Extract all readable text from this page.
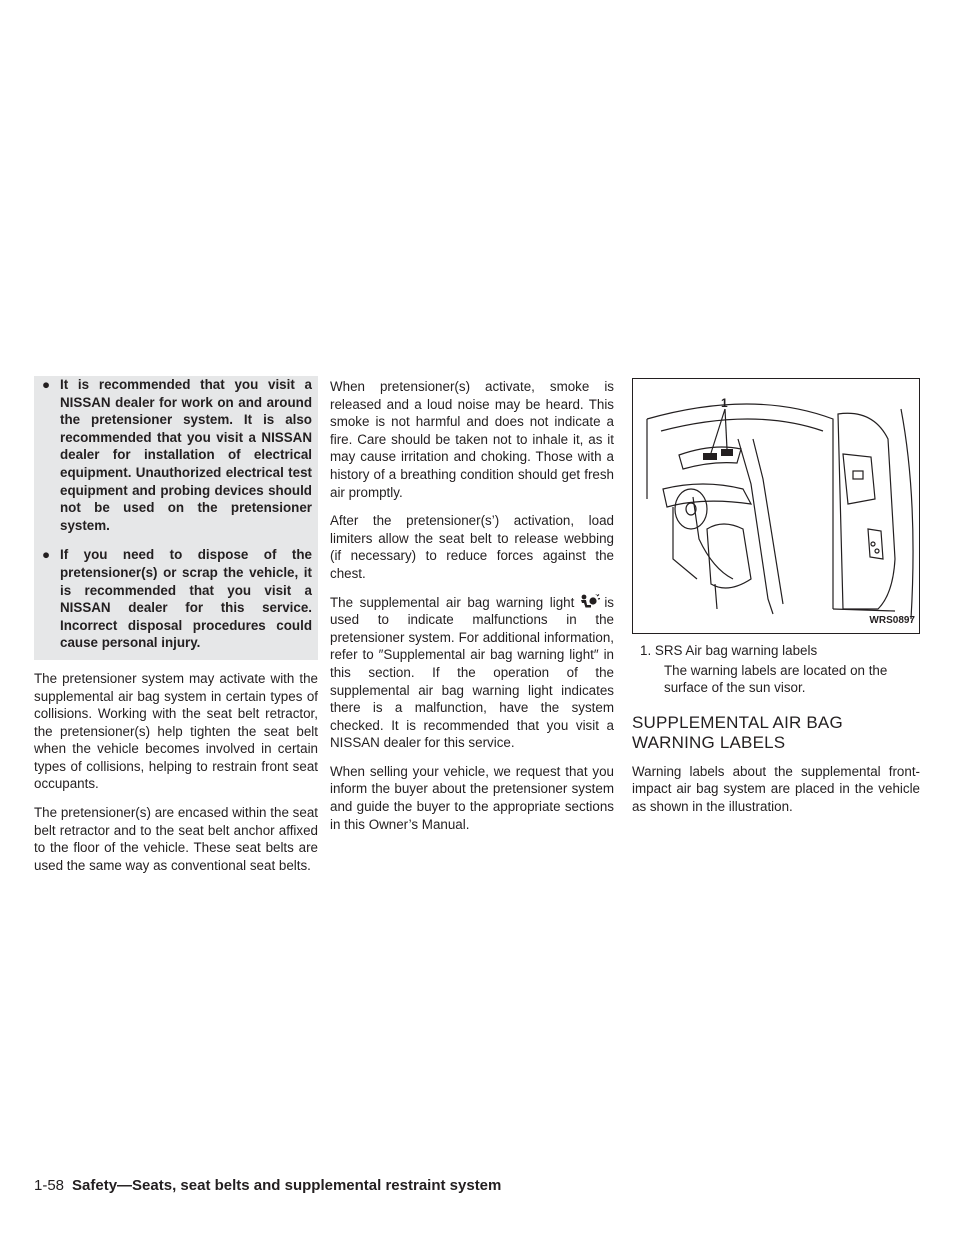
● It is recommended that you visit a NISSAN dealer for work on and around the pretensioner system. It is also recommended that you visit a NISSAN dealer for installation of electrical equipment. Unauthorized electrical test equipment and probing devices should not be used on the pretensioner system.
● If you need to dispose of the pretensioner(s) or scrap the vehicle, it is recommended that you visit a NISSAN dealer for this service. Incorrect disposal procedures could cause personal injury.

The pretensioner system may activate with the supplemental air bag system in certain types of collisions. Working with the seat belt retractor, the pretensioner(s) help tighten the seat belt when the vehicle becomes involved in certain types of collisions, helping to restrain front seat occupants.

The pretensioner(s) are encased within the seat belt retractor and to the seat belt anchor affixed to the floor of the vehicle. These seat belts are used the same way as conventional seat belts.

When pretensioner(s) activate, smoke is released and a loud noise may be heard. This smoke is not harmful and does not indicate a fire. Care should be taken not to inhale it, as it may cause irritation and choking. Those with a history of a breathing condition should get fresh air promptly.

After the pretensioner(s’) activation, load limiters allow the seat belt to release webbing (if necessary) to reduce forces against the chest.

The supplemental air bag warning light is used to indicate malfunctions in the pretensioner system. For additional information, refer to ″Supplemental air bag warning light″ in this section. If the operation of the supplemental air bag warning light indicates there is a malfunction, have the system checked. It is recommended that you visit a NISSAN dealer for this service.

When selling your vehicle, we request that you inform the buyer about the pretensioner system and guide the buyer to the appropriate sections in this Owner’s Manual.

1
WRS0897
1. SRS Air bag warning labels
The warning labels are located on the surface of the sun visor.
SUPPLEMENTAL AIR BAG
WARNING LABELS

Warning labels about the supplemental front-impact air bag system are placed in the vehicle as shown in the illustration.

1-58 Safety—Seats, seat belts and supplemental restraint system
